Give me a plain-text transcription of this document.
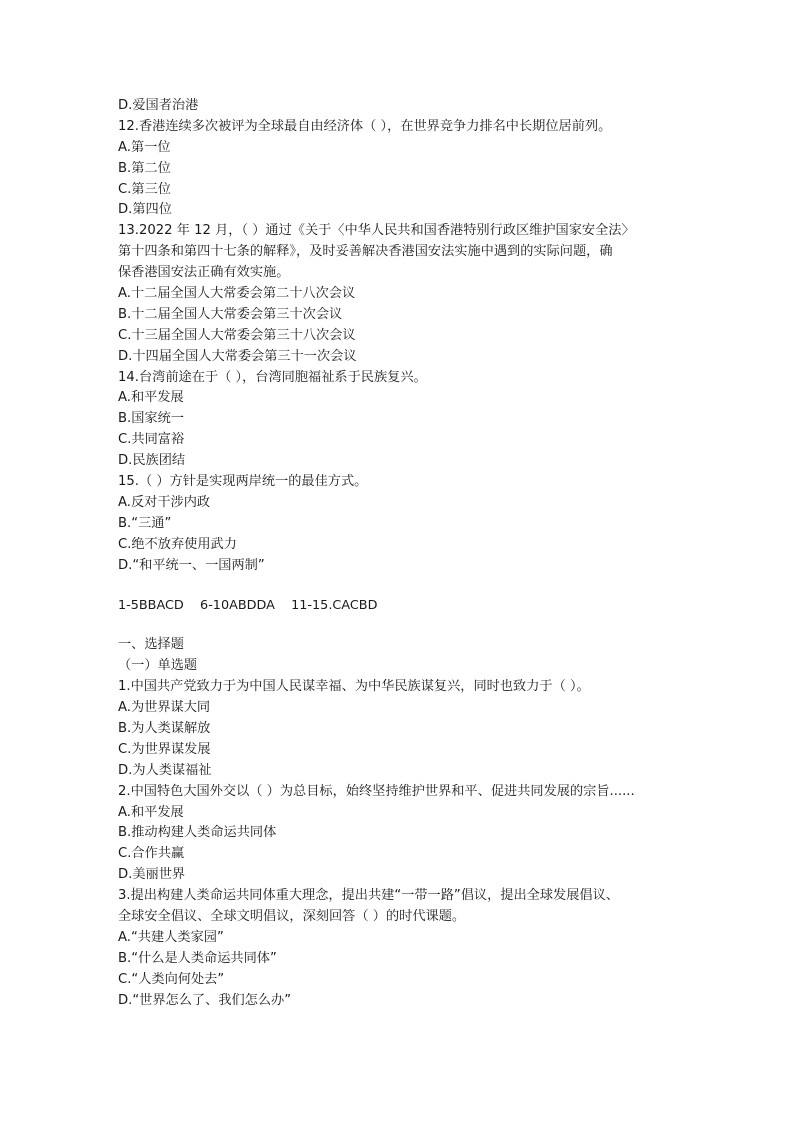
D.爱国者治港
12.香港连续多次被评为全球最自由经济体（ ），在世界竞争力排名中长期位居前列。
A.第一位
B.第二位
C.第三位
D.第四位
13.2022 年 12 月，（ ）通过《关于〈中华人民共和国香港特别行政区维护国家安全法〉
第十四条和第四十七条的解释》，及时妥善解决香港国安法实施中遇到的实际问题，确
保香港国安法正确有效实施。
A.十二届全国人大常委会第二十八次会议
B.十二届全国人大常委会第三十次会议
C.十三届全国人大常委会第三十八次会议
D.十四届全国人大常委会第三十一次会议
14.台湾前途在于（ ），台湾同胞福祉系于民族复兴。
A.和平发展
B.国家统一
C.共同富裕
D.民族团结
15.（ ）方针是实现两岸统一的最佳方式。
A.反对干涉内政
B.“三通”
C.绝不放弃使用武力
D.“和平统一、一国两制”
1-5BBACD    6-10ABDDA    11-15.CACBD
一、选择题
（一）单选题
1.中国共产党致力于为中国人民谋幸福、为中华民族谋复兴，同时也致力于（ ）。
A.为世界谋大同
B.为人类谋解放
C.为世界谋发展
D.为人类谋福祉
2.中国特色大国外交以（ ）为总目标，始终坚持维护世界和平、促进共同发展的宗旨......
A.和平发展
B.推动构建人类命运共同体
C.合作共赢
D.美丽世界
3.提出构建人类命运共同体重大理念，提出共建“一带一路”倡议，提出全球发展倡议、
全球安全倡议、全球文明倡议，深刻回答（ ）的时代课题。
A.“共建人类家园”
B.“什么是人类命运共同体”
C.“人类向何处去”
D.“世界怎么了、我们怎么办”
